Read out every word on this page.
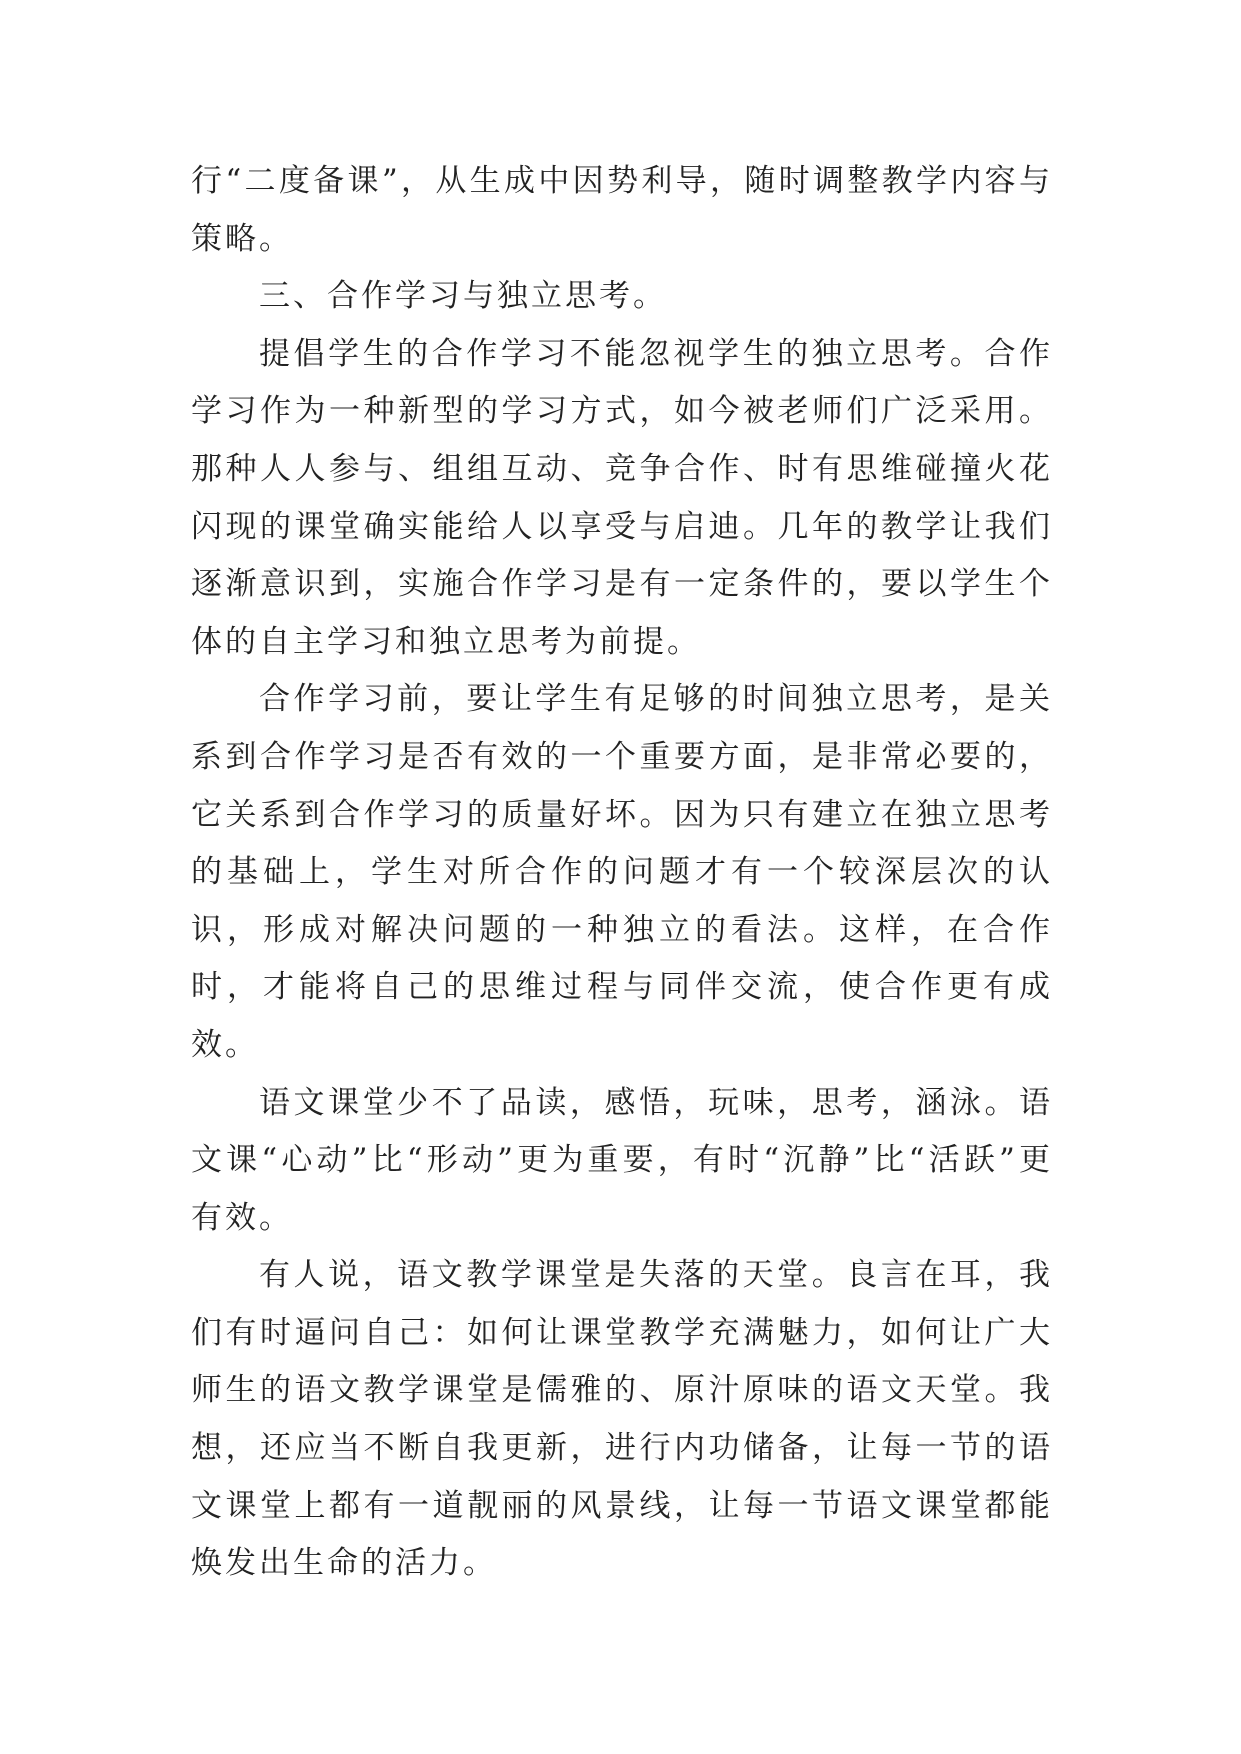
行“二度备课”，从生成中因势利导，随时调整教学内容与策略。

三、合作学习与独立思考。

提倡学生的合作学习不能忽视学生的独立思考。合作学习作为一种新型的学习方式，如今被老师们广泛采用。那种人人参与、组组互动、竞争合作、时有思维碰撞火花闪现的课堂确实能给人以享受与启迪。几年的教学让我们逐渐意识到，实施合作学习是有一定条件的，要以学生个体的自主学习和独立思考为前提。

合作学习前，要让学生有足够的时间独立思考，是关系到合作学习是否有效的一个重要方面，是非常必要的，它关系到合作学习的质量好坏。因为只有建立在独立思考的基础上，学生对所合作的问题才有一个较深层次的认识，形成对解决问题的一种独立的看法。这样，在合作时，才能将自己的思维过程与同伴交流，使合作更有成效。

语文课堂少不了品读，感悟，玩味，思考，涵泳。语文课“心动”比“形动”更为重要，有时“沉静”比“活跃”更有效。

有人说，语文教学课堂是失落的天堂。良言在耳，我们有时逼问自己：如何让课堂教学充满魅力，如何让广大师生的语文教学课堂是儒雅的、原汁原味的语文天堂。我想，还应当不断自我更新，进行内功储备，让每一节的语文课堂上都有一道靓丽的风景线，让每一节语文课堂都能焕发出生命的活力。
